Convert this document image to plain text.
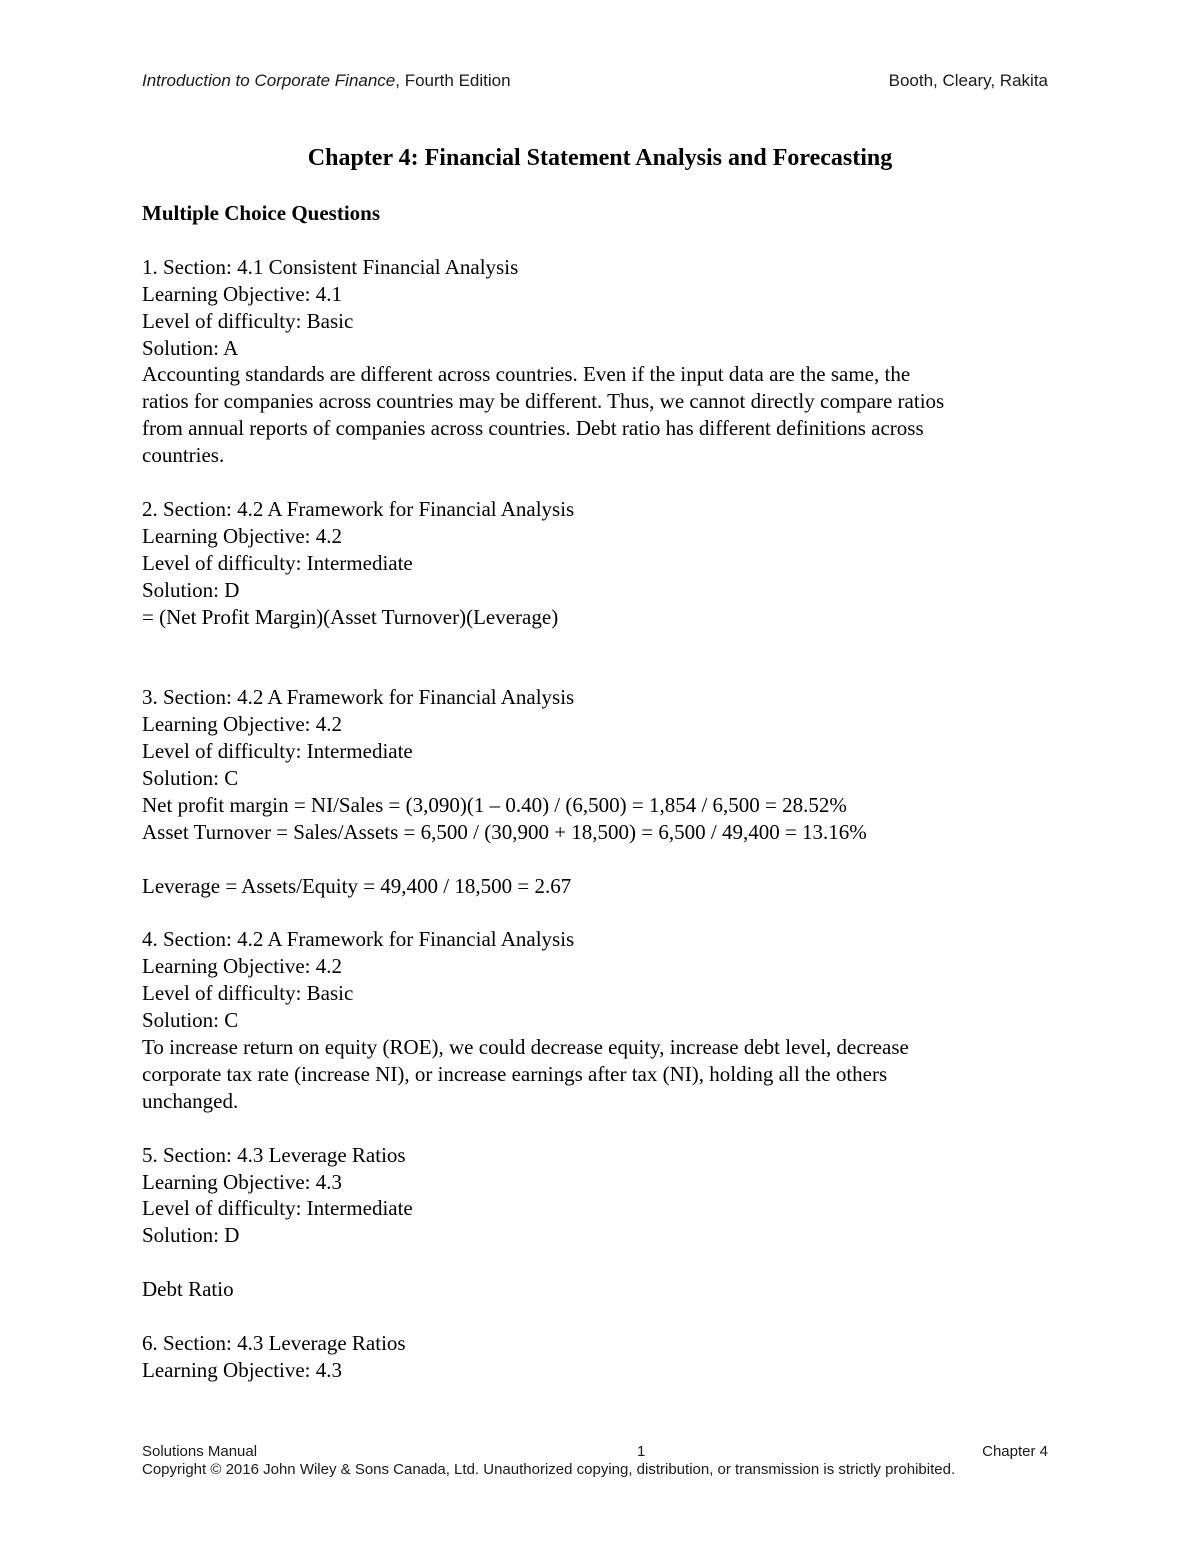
Introduction to Corporate Finance, Fourth Edition	Booth, Cleary, Rakita
Chapter 4: Financial Statement Analysis and Forecasting
Multiple Choice Questions
1. Section: 4.1 Consistent Financial Analysis
Learning Objective: 4.1
Level of difficulty: Basic
Solution: A
Accounting standards are different across countries. Even if the input data are the same, the
ratios for companies across countries may be different. Thus, we cannot directly compare ratios
from annual reports of companies across countries. Debt ratio has different definitions across
countries.
2. Section: 4.2 A Framework for Financial Analysis
Learning Objective: 4.2
Level of difficulty: Intermediate
Solution: D
= (Net Profit Margin)(Asset Turnover)(Leverage)
3. Section: 4.2 A Framework for Financial Analysis
Learning Objective: 4.2
Level of difficulty: Intermediate
Solution: C
Net profit margin = NI/Sales = (3,090)(1 – 0.40) / (6,500) = 1,854 / 6,500 = 28.52%
Asset Turnover = Sales/Assets = 6,500 / (30,900 + 18,500) = 6,500 / 49,400 = 13.16%
Leverage = Assets/Equity = 49,400 / 18,500 = 2.67
4. Section: 4.2 A Framework for Financial Analysis
Learning Objective: 4.2
Level of difficulty: Basic
Solution: C
To increase return on equity (ROE), we could decrease equity, increase debt level, decrease
corporate tax rate (increase NI), or increase earnings after tax (NI), holding all the others
unchanged.
5. Section: 4.3 Leverage Ratios
Learning Objective: 4.3
Level of difficulty: Intermediate
Solution: D
Debt Ratio
6. Section: 4.3 Leverage Ratios
Learning Objective: 4.3
Solutions Manual	1	Chapter 4
Copyright © 2016 John Wiley & Sons Canada, Ltd. Unauthorized copying, distribution, or transmission is strictly prohibited.
